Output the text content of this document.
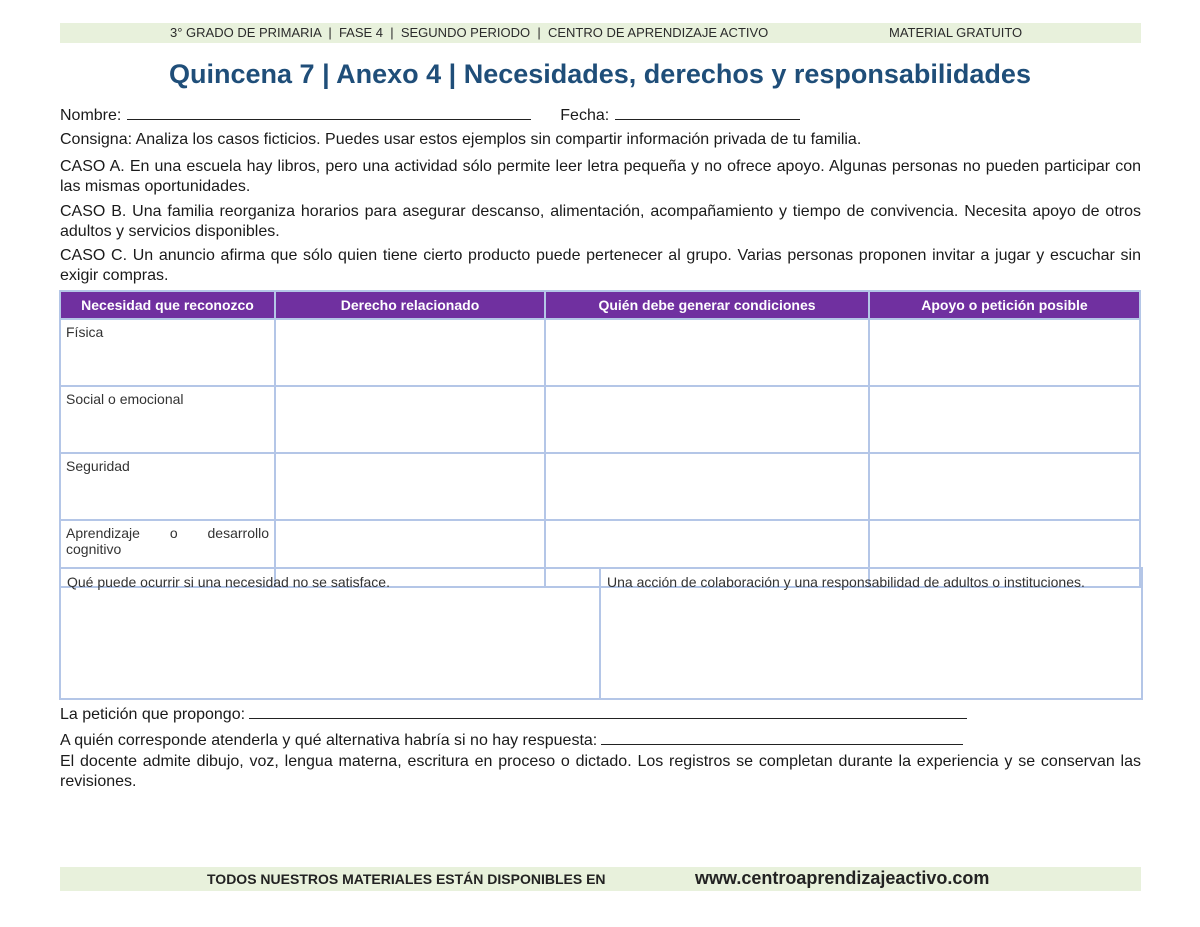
3° GRADO DE PRIMARIA  |  FASE 4  |  SEGUNDO PERIODO  |  CENTRO DE APRENDIZAJE ACTIVO	MATERIAL GRATUITO
Quincena 7 | Anexo 4 | Necesidades, derechos y responsabilidades
Nombre:	Fecha:
Consigna: Analiza los casos ficticios. Puedes usar estos ejemplos sin compartir información privada de tu familia.
CASO A. En una escuela hay libros, pero una actividad sólo permite leer letra pequeña y no ofrece apoyo. Algunas personas no pueden participar con las mismas oportunidades.
CASO B. Una familia reorganiza horarios para asegurar descanso, alimentación, acompañamiento y tiempo de convivencia. Necesita apoyo de otros adultos y servicios disponibles.
CASO C. Un anuncio afirma que sólo quien tiene cierto producto puede pertenecer al grupo. Varias personas proponen invitar a jugar y escuchar sin exigir compras.
Necesidad que reconozco	Derecho relacionado	Quién debe generar condiciones	Apoyo o petición posible
Física			
Social o emocional			
Seguridad			
Aprendizaje o desarrollo cognitivo			
Qué puede ocurrir si una necesidad no se satisface.	Una acción de colaboración y una responsabilidad de adultos o instituciones.
La petición que propongo:
A quién corresponde atenderla y qué alternativa habría si no hay respuesta:
El docente admite dibujo, voz, lengua materna, escritura en proceso o dictado. Los registros se completan durante la experiencia y se conservan las revisiones.
TODOS NUESTROS MATERIALES ESTÁN DISPONIBLES EN	www.centroaprendizajeactivo.com
